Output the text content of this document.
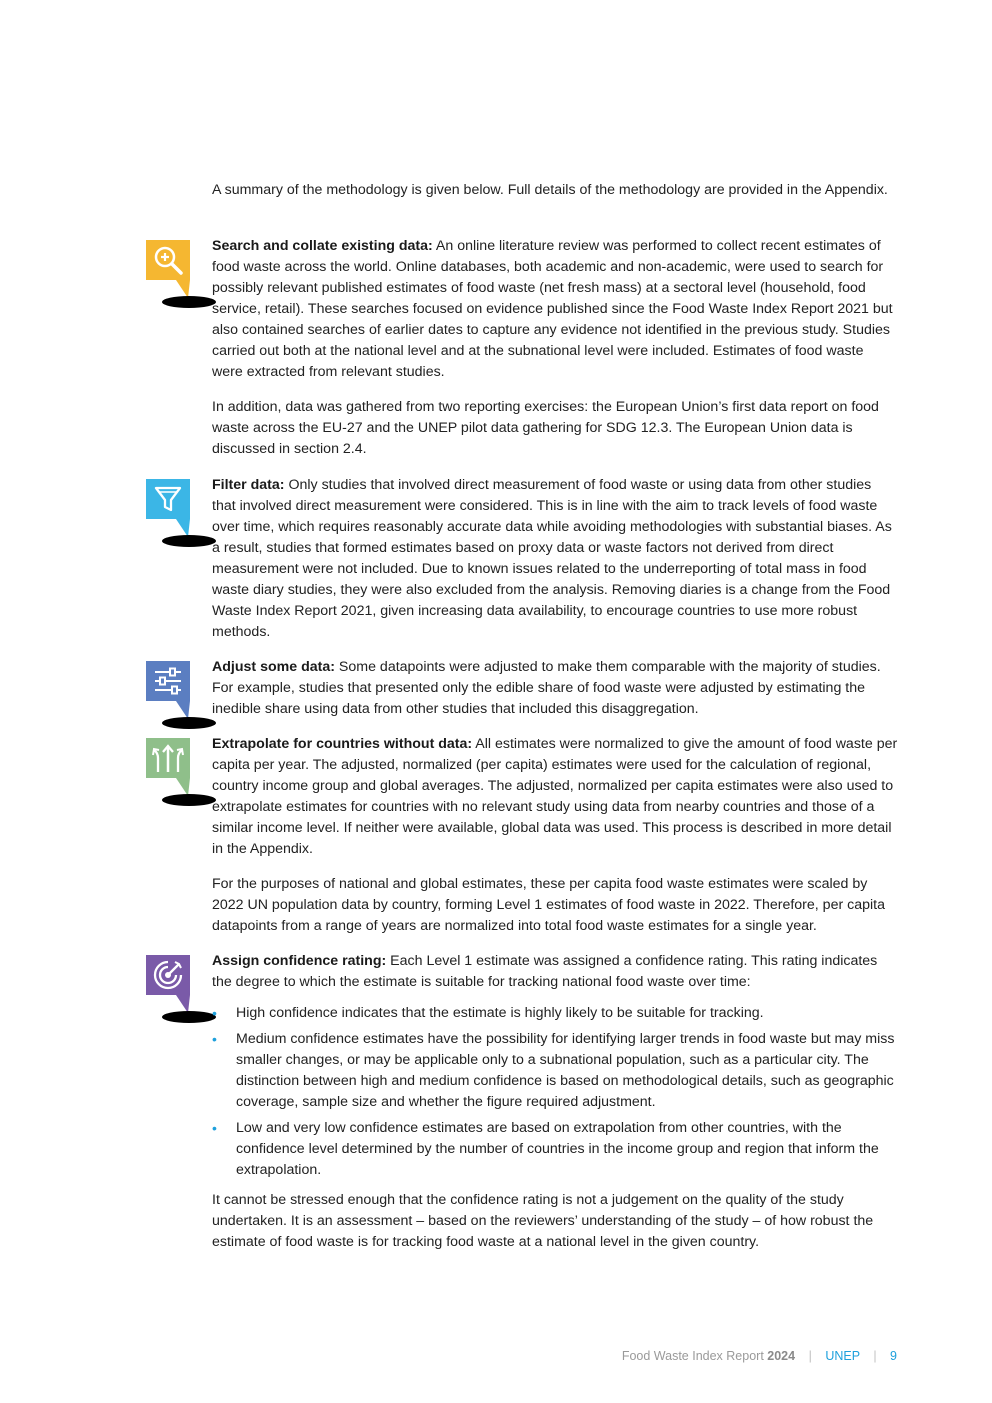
A summary of the methodology is given below. Full details of the methodology are provided in the Appendix.

Search and collate existing data: An online literature review was performed to collect recent estimates of food waste across the world. Online databases, both academic and non-academic, were used to search for possibly relevant published estimates of food waste (net fresh mass) at a sectoral level (household, food service, retail). These searches focused on evidence published since the Food Waste Index Report 2021 but also contained searches of earlier dates to capture any evidence not identified in the previous study. Studies carried out both at the national level and at the subnational level were included. Estimates of food waste were extracted from relevant studies.

In addition, data was gathered from two reporting exercises: the European Union’s first data report on food waste across the EU-27 and the UNEP pilot data gathering for SDG 12.3. The European Union data is discussed in section 2.4.

Filter data: Only studies that involved direct measurement of food waste or using data from other studies that involved direct measurement were considered. This is in line with the aim to track levels of food waste over time, which requires reasonably accurate data while avoiding methodologies with substantial biases. As a result, studies that formed estimates based on proxy data or waste factors not derived from direct measurement were not included. Due to known issues related to the underreporting of total mass in food waste diary studies, they were also excluded from the analysis. Removing diaries is a change from the Food Waste Index Report 2021, given increasing data availability, to encourage countries to use more robust methods.

Adjust some data: Some datapoints were adjusted to make them comparable with the majority of studies. For example, studies that presented only the edible share of food waste were adjusted by estimating the inedible share using data from other studies that included this disaggregation.

Extrapolate for countries without data: All estimates were normalized to give the amount of food waste per capita per year. The adjusted, normalized (per capita) estimates were used for the calculation of regional, country income group and global averages. The adjusted, normalized per capita estimates were also used to extrapolate estimates for countries with no relevant study using data from nearby countries and those of a similar income level. If neither were available, global data was used. This process is described in more detail in the Appendix.

For the purposes of national and global estimates, these per capita food waste estimates were scaled by 2022 UN population data by country, forming Level 1 estimates of food waste in 2022. Therefore, per capita datapoints from a range of years are normalized into total food waste estimates for a single year.

Assign confidence rating: Each Level 1 estimate was assigned a confidence rating. This rating indicates the degree to which the estimate is suitable for tracking national food waste over time:

• High confidence indicates that the estimate is highly likely to be suitable for tracking.
• Medium confidence estimates have the possibility for identifying larger trends in food waste but may miss smaller changes, or may be applicable only to a subnational population, such as a particular city. The distinction between high and medium confidence is based on methodological details, such as geographic coverage, sample size and whether the figure required adjustment.
• Low and very low confidence estimates are based on extrapolation from other countries, with the confidence level determined by the number of countries in the income group and region that inform the extrapolation.

It cannot be stressed enough that the confidence rating is not a judgement on the quality of the study undertaken. It is an assessment – based on the reviewers’ understanding of the study – of how robust the estimate of food waste is for tracking food waste at a national level in the given country.

Food Waste Index Report 2024 | UNEP | 9
